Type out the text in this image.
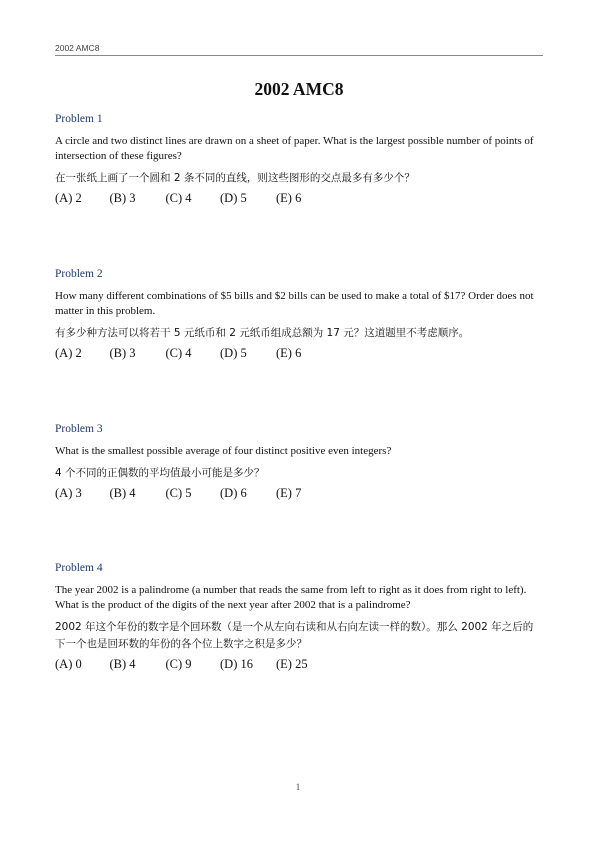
2002 AMC8
2002 AMC8
Problem 1
A circle and two distinct lines are drawn on a sheet of paper. What is the largest possible number of points of intersection of these figures?
在一张纸上画了一个圆和 2 条不同的直线，则这些图形的交点最多有多少个？
(A) 2	(B) 3	(C) 4	(D) 5	(E) 6
Problem 2
How many different combinations of $5 bills and $2 bills can be used to make a total of $17? Order does not matter in this problem.
有多少种方法可以将若干 5 元纸币和 2 元纸币组成总额为 17 元？这道题里不考虑顺序。
(A) 2	(B) 3	(C) 4	(D) 5	(E) 6
Problem 3
What is the smallest possible average of four distinct positive even integers?
4 个不同的正偶数的平均值最小可能是多少？
(A) 3	(B) 4	(C) 5	(D) 6	(E) 7
Problem 4
The year 2002 is a palindrome (a number that reads the same from left to right as it does from right to left). What is the product of the digits of the next year after 2002 that is a palindrome?
2002 年这个年份的数字是个回环数（是一个从左向右读和从右向左读一样的数）。那么 2002 年之后的下一个也是回环数的年份的各个位上数字之积是多少？
(A) 0	(B) 4	(C) 9	(D) 16	(E) 25
1
